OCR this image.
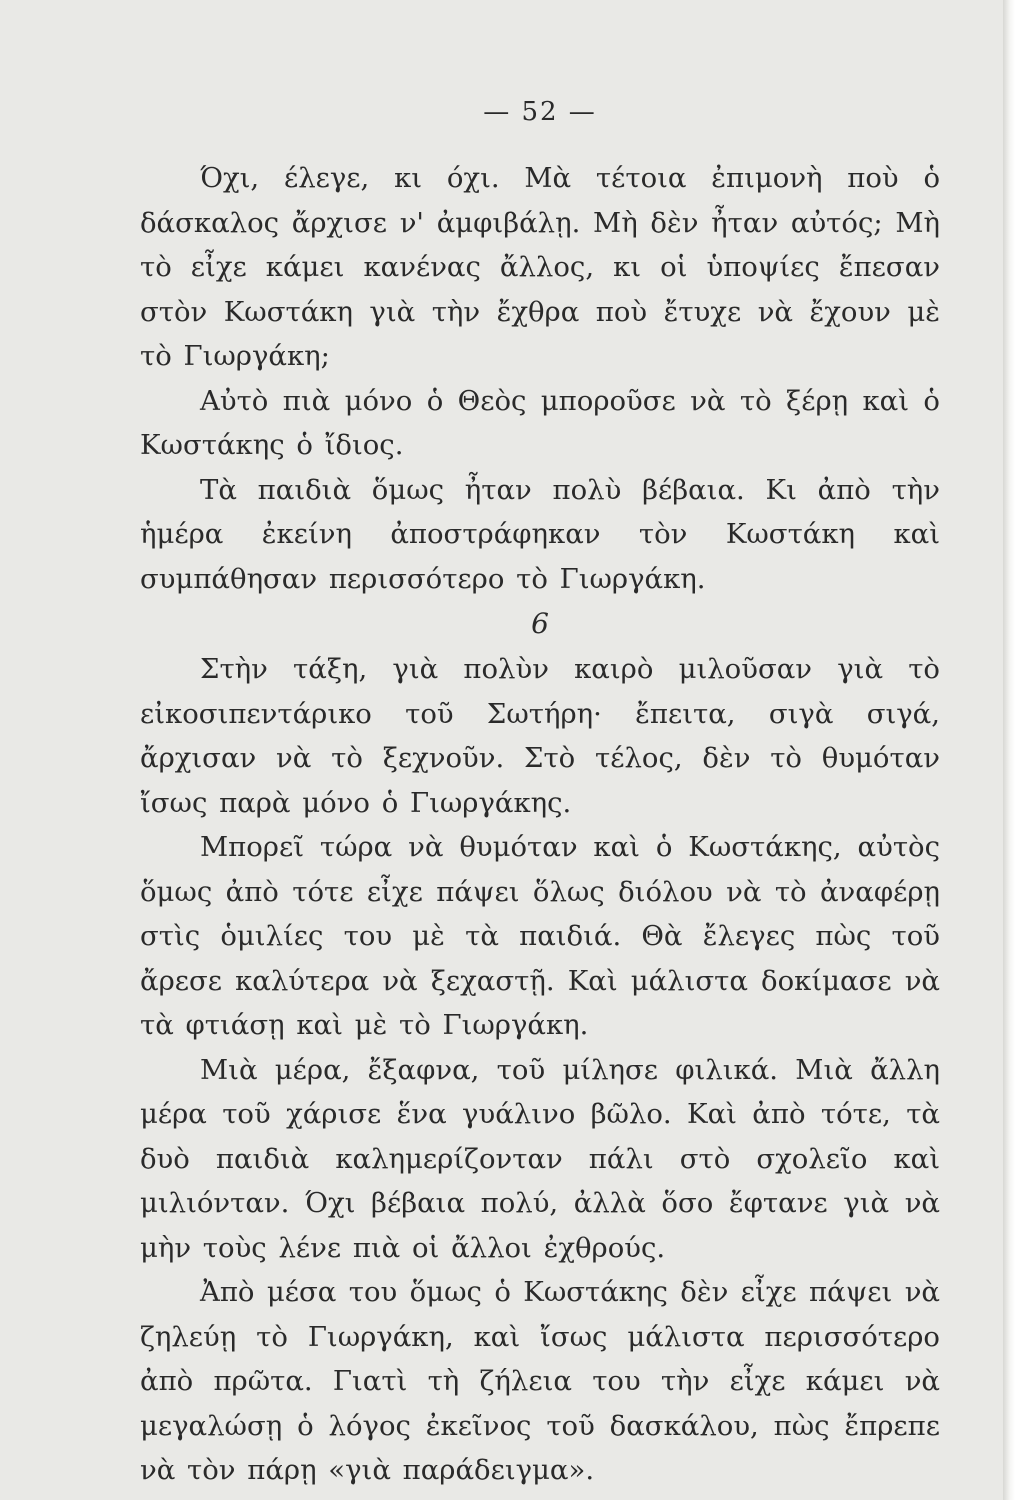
— 52 —

Όχι, έλεγε, κι όχι. Μὰ τέτοια ἐπιμονὴ ποὺ ὁ δάσκαλος ἄρχισε ν' ἀμφιβάλῃ. Μὴ δὲν ἦταν αὐτός; Μὴ τὸ εἶχε κάμει κανένας ἄλλος, κι οἱ ὑποψίες ἔπεσαν στὸν Κωστάκη γιὰ τὴν ἔχθρα ποὺ ἔτυχε νὰ ἔχουν μὲ τὸ Γιωργάκη;

Αὐτὸ πιὰ μόνο ὁ Θεὸς μποροῦσε νὰ τὸ ξέρῃ καὶ ὁ Κωστάκης ὁ ἴδιος.

Τὰ παιδιὰ ὅμως ἦταν πολὺ βέβαια. Κι ἀπὸ τὴν ἡμέρα ἐκείνη ἀποστράφηκαν τὸν Κωστάκη καὶ συμπάθησαν περισσότερο τὸ Γιωργάκη.

6

Στὴν τάξη, γιὰ πολὺν καιρὸ μιλοῦσαν γιὰ τὸ εἰκοσιπεντάρικο τοῦ Σωτήρη· ἔπειτα, σιγὰ σιγά, ἄρχισαν νὰ τὸ ξεχνοῦν. Στὸ τέλος, δὲν τὸ θυμόταν ἴσως παρὰ μόνο ὁ Γιωργάκης.

Μπορεῖ τώρα νὰ θυμόταν καὶ ὁ Κωστάκης, αὐτὸς ὅμως ἀπὸ τότε εἶχε πάψει ὅλως διόλου νὰ τὸ ἀναφέρῃ στὶς ὁμιλίες του μὲ τὰ παιδιά. Θὰ ἔλεγες πὼς τοῦ ἄρεσε καλύτερα νὰ ξεχαστῇ. Καὶ μάλιστα δοκίμασε νὰ τὰ φτιάσῃ καὶ μὲ τὸ Γιωργάκη.

Μιὰ μέρα, ἔξαφνα, τοῦ μίλησε φιλικά. Μιὰ ἄλλη μέρα τοῦ χάρισε ἕνα γυάλινο βῶλο. Καὶ ἀπὸ τότε, τὰ δυὸ παιδιὰ καλημερίζονταν πάλι στὸ σχολεῖο καὶ μιλιόνταν. Όχι βέβαια πολύ, ἀλλὰ ὅσο ἔφτανε γιὰ νὰ μὴν τοὺς λένε πιὰ οἱ ἄλλοι ἐχθρούς.

Ἀπὸ μέσα του ὅμως ὁ Κωστάκης δὲν εἶχε πάψει νὰ ζηλεύῃ τὸ Γιωργάκη, καὶ ἴσως μάλιστα περισσότερο ἀπὸ πρῶτα. Γιατὶ τὴ ζήλεια του τὴν εἶχε κάμει νὰ μεγαλώσῃ ὁ λόγος ἐκεῖνος τοῦ δασκάλου, πὼς ἔπρεπε νὰ τὸν πάρῃ «γιὰ παράδειγμα».
